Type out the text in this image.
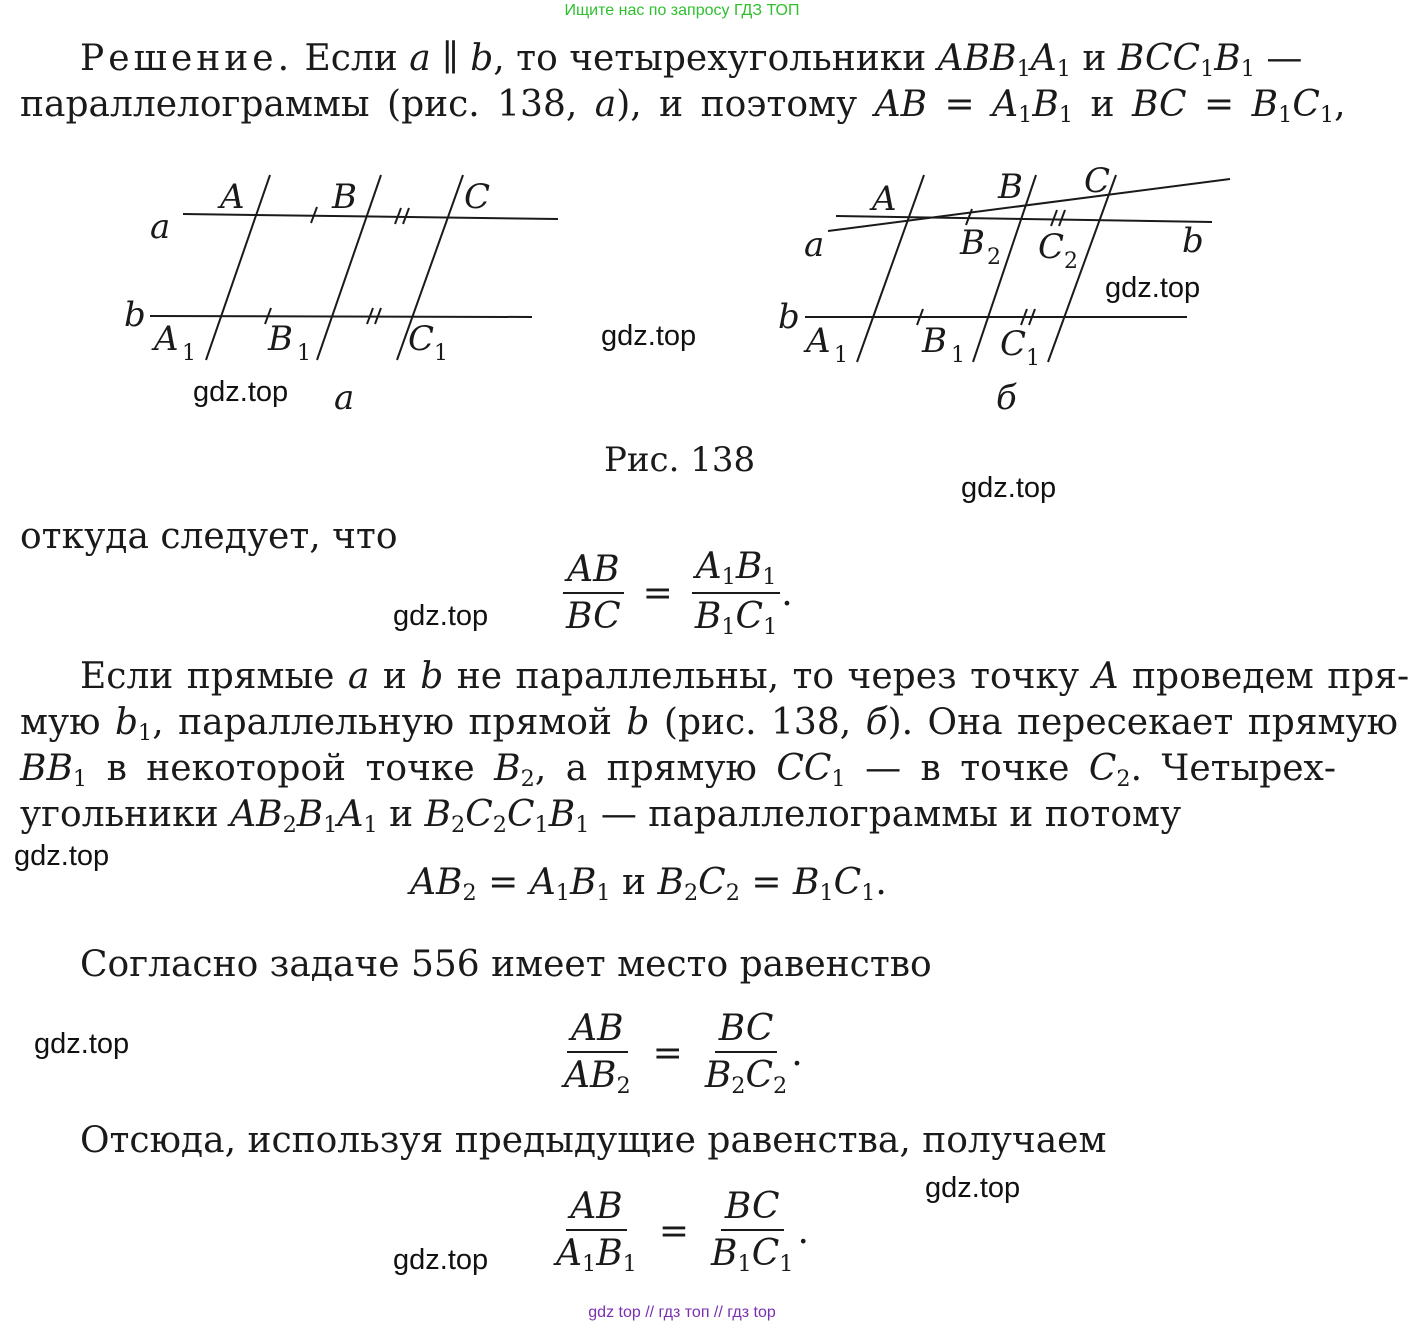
Ищите нас по запросу ГДЗ ТОП
Решение. Если a ∥ b, то четырехугольники $ABB_1A_1$ и $BCC_1B_1$ —
параллелограммы (рис. 138, а), и поэтому AB = $A_1B_1$ и BC = $B_1C_1$,
A	B	C
a
b
A 1 B 1	C 1
A	B C
B 2 C 2
a	b
b
A 1 B 1 C 1
а	б
Рис. 138
откуда следует, что
$\frac{AB}{BC} = \frac{A_1B_1}{B_1C_1}$ .
Если прямые a и b не параллельны, то через точку A проведем пря-
мую $b_1$, параллельную прямой b (рис. 138, б). Она пересекает прямую
$BB_1$ в некоторой точке $B_2$, а прямую $CC_1$ — в точке $C_2$. Четырех-
угольники $AB_2B_1A_1$ и $B_2C_2C_1B_1$ — параллелограммы и потому
$AB_2 = A_1B_1$ и $B_2C_2 = B_1C_1$.
Согласно задаче 556 имеет место равенство
$\frac{AB}{AB_2} = \frac{BC}{B_2C_2}$ .
Отсюда, используя предыдущие равенства, получаем
$\frac{AB}{A_1B_1} = \frac{BC}{B_1C_1}$ .
gdz.top
gdz.top
gdz.top
gdz.top
gdz.top
gdz.top
gdz.top
gdz.top
gdz.top
gdz top // гдз топ // гдз top
